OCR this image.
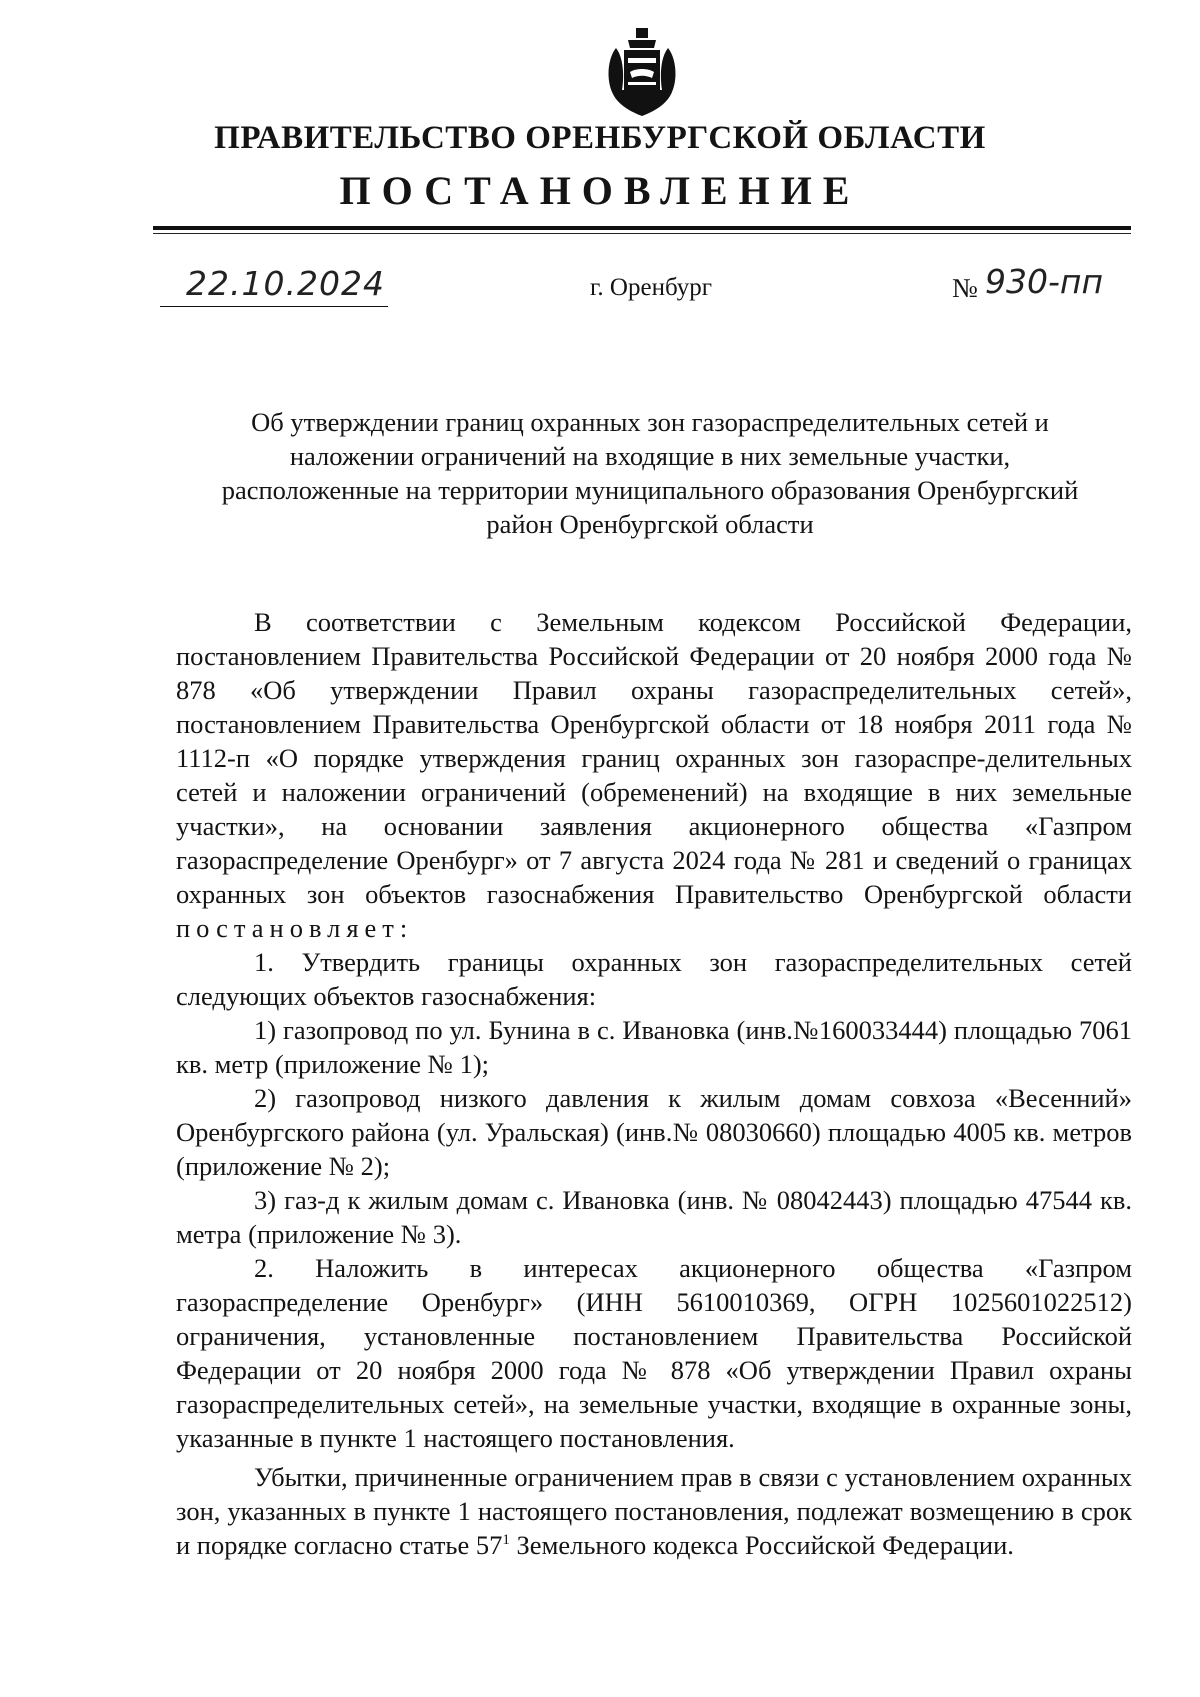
ПРАВИТЕЛЬСТВО ОРЕНБУРГСКОЙ ОБЛАСТИ
ПОСТАНОВЛЕНИЕ
22.10.2024	г. Оренбург	№ 930-пп
Об утверждении границ охранных зон газораспределительных сетей и
наложении ограничений на входящие в них земельные участки,
расположенные на территории муниципального образования Оренбургский
район Оренбургской области

В соответствии с Земельным кодексом Российской Федерации, постановлением Правительства Российской Федерации от 20 ноября 2000 года № 878 «Об утверждении Правил охраны газораспределительных сетей», постановлением Правительства Оренбургской области от 18 ноября 2011 года № 1112-п «О порядке утверждения границ охранных зон газораспре-делительных сетей и наложении ограничений (обременений) на входящие в них земельные участки», на основании заявления акционерного общества «Газпром газораспределение Оренбург» от 7 августа 2024 года № 281 и сведений о границах охранных зон объектов газоснабжения Правительство Оренбургской области постановляет:

1. Утвердить границы охранных зон газораспределительных сетей следующих объектов газоснабжения:

1) газопровод по ул. Бунина в с. Ивановка (инв.№160033444) площадью 7061 кв. метр (приложение № 1);

2) газопровод низкого давления к жилым домам совхоза «Весенний» Оренбургского района (ул. Уральская) (инв.№ 08030660) площадью 4005 кв. метров (приложение № 2);

3) газ-д к жилым домам с. Ивановка (инв. № 08042443) площадью 47544 кв. метра (приложение № 3).

2. Наложить в интересах акционерного общества «Газпром газораспределение Оренбург» (ИНН 5610010369, ОГРН 1025601022512) ограничения, установленные постановлением Правительства Российской Федерации от 20 ноября 2000 года № 878 «Об утверждении Правил охраны газораспределительных сетей», на земельные участки, входящие в охранные зоны, указанные в пункте 1 настоящего постановления.

Убытки, причиненные ограничением прав в связи с установлением охранных зон, указанных в пункте 1 настоящего постановления, подлежат возмещению в срок и порядке согласно статье $57^1$ Земельного кодекса Российской Федерации.
